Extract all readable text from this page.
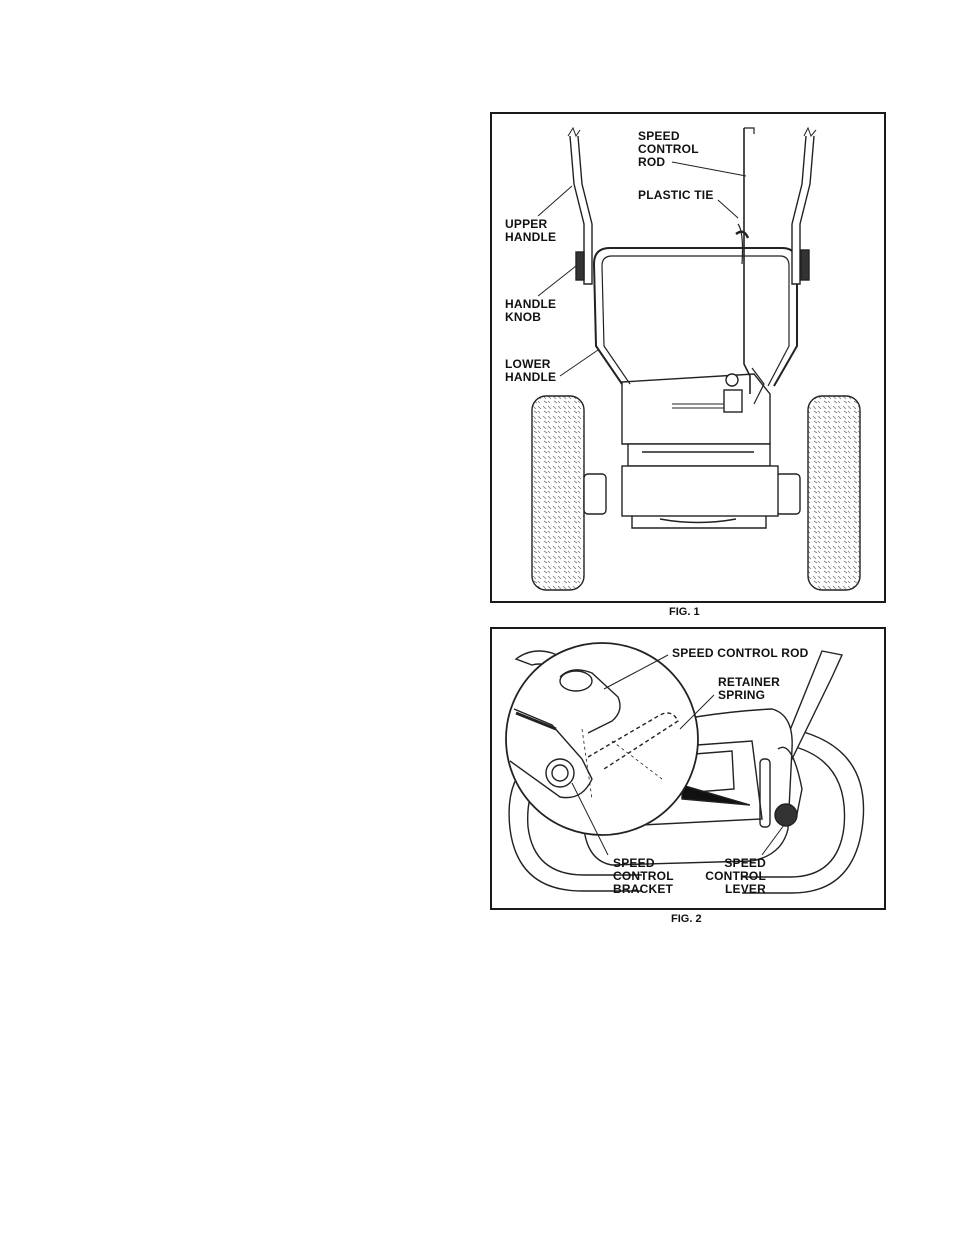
SPEED
CONTROL
ROD
PLASTIC TIE
UPPER
HANDLE
HANDLE
KNOB
LOWER
HANDLE
FIG. 1
SPEED CONTROL ROD
RETAINER
SPRING
SPEED
CONTROL
BRACKET
SPEED
CONTROL
LEVER
FIG. 2
